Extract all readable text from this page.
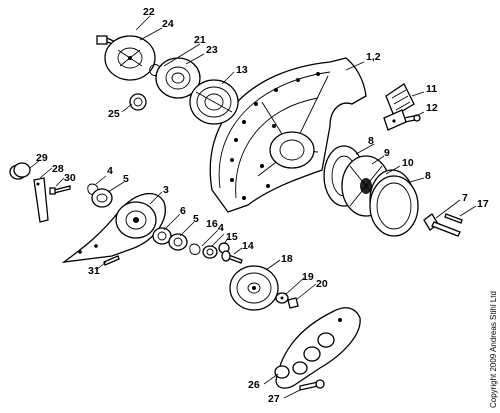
1,2
3
4
4
5
5
6
7
8
8
9
10
11
12
13
14
15
16
17
18
19
20
21
22
23
24
25
26
27
28
29
30
31
Copyright 2009 Andreas Stihl Ltd
